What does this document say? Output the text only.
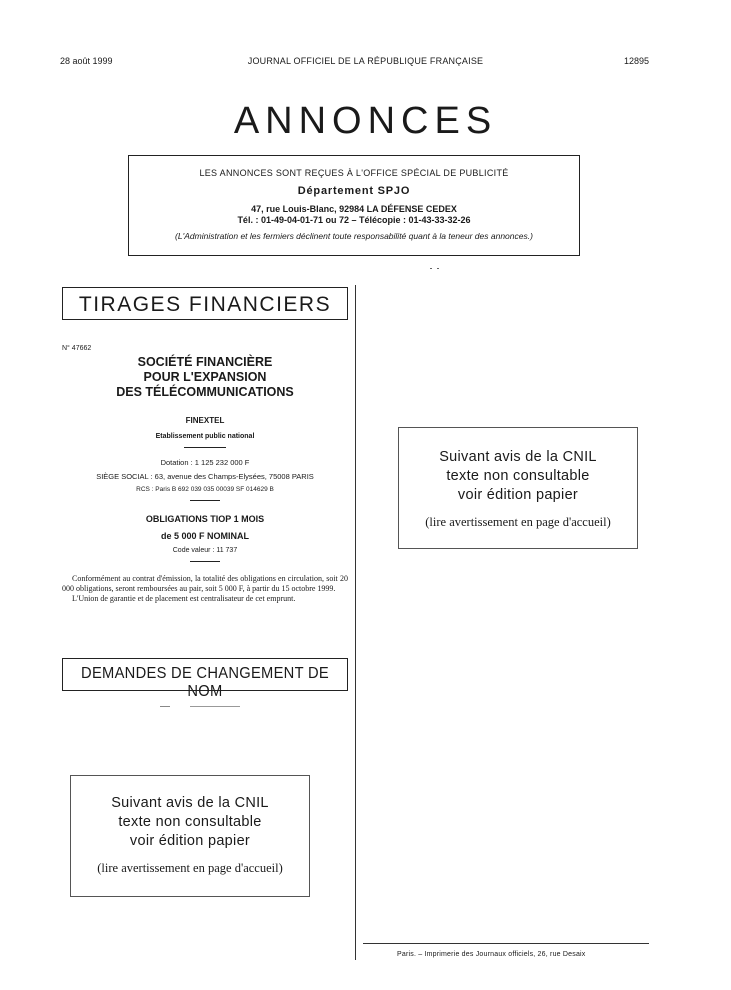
28 août 1999	JOURNAL OFFICIEL DE LA RÉPUBLIQUE FRANÇAISE	12895
ANNONCES
LES ANNONCES SONT REÇUES À L'OFFICE SPÉCIAL DE PUBLICITÉ
Département SPJO
47, rue Louis-Blanc, 92984 LA DÉFENSE CEDEX
Tél. : 01-49-04-01-71 ou 72 – Télécopie : 01-43-33-32-26
(L'Administration et les fermiers déclinent toute responsabilité quant à la teneur des annonces.)
TIRAGES FINANCIERS
N° 47662
SOCIÉTÉ FINANCIÈRE
POUR L'EXPANSION
DES TÉLÉCOMMUNICATIONS
FINEXTEL
Etablissement public national
Dotation : 1 125 232 000 F
SIÈGE SOCIAL : 63, avenue des Champs-Elysées, 75008 PARIS
RCS : Paris B 692 039 035 00039 SF 014629 B
OBLIGATIONS TIOP 1 MOIS
de 5 000 F NOMINAL
Code valeur : 11 737

Conformément au contrat d'émission, la totalité des obligations en circulation, soit 20 000 obligations, seront remboursées au pair, soit 5 000 F, à partir du 15 octobre 1999.

L'Union de garantie et de placement est centralisateur de cet emprunt.

DEMANDES DE CHANGEMENT DE NOM
Suivant avis de la CNIL
texte non consultable
voir édition papier
(lire avertissement en page d'accueil)
Suivant avis de la CNIL
texte non consultable
voir édition papier
(lire avertissement en page d'accueil)
Paris. – Imprimerie des Journaux officiels, 26, rue Desaix
